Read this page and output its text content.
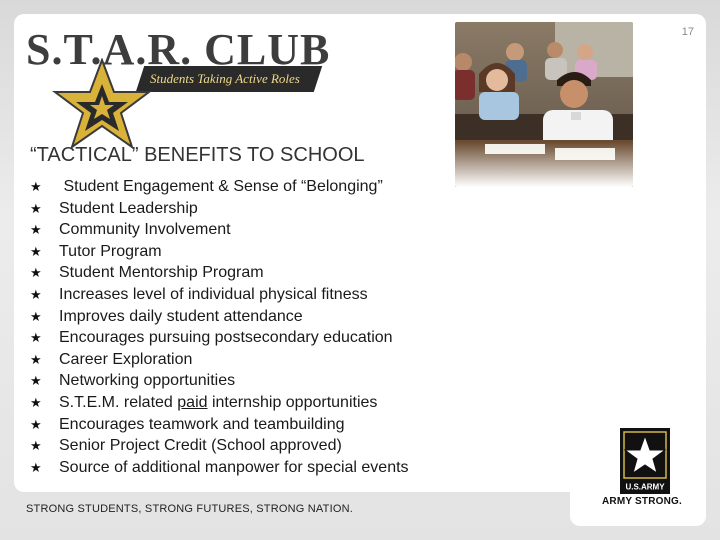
17
Students Taking Active Roles
S.T.A.R. CLUB
“TACTICAL” BENEFITS TO SCHOOL
★ Student Engagement & Sense of “Belonging”
★ Student Leadership
★ Community Involvement
★ Tutor Program
★ Student Mentorship Program
★ Increases level of individual physical fitness
★ Improves daily student attendance
★ Encourages pursuing postsecondary education
★ Career Exploration
★ Networking opportunities
★ S.T.E.M. related paid internship opportunities
★ Encourages teamwork and teambuilding
★ Senior Project Credit (School approved)
★ Source of additional manpower for special events
STRONG STUDENTS, STRONG FUTURES, STRONG NATION.
U.S.ARMY
ARMY STRONG.
